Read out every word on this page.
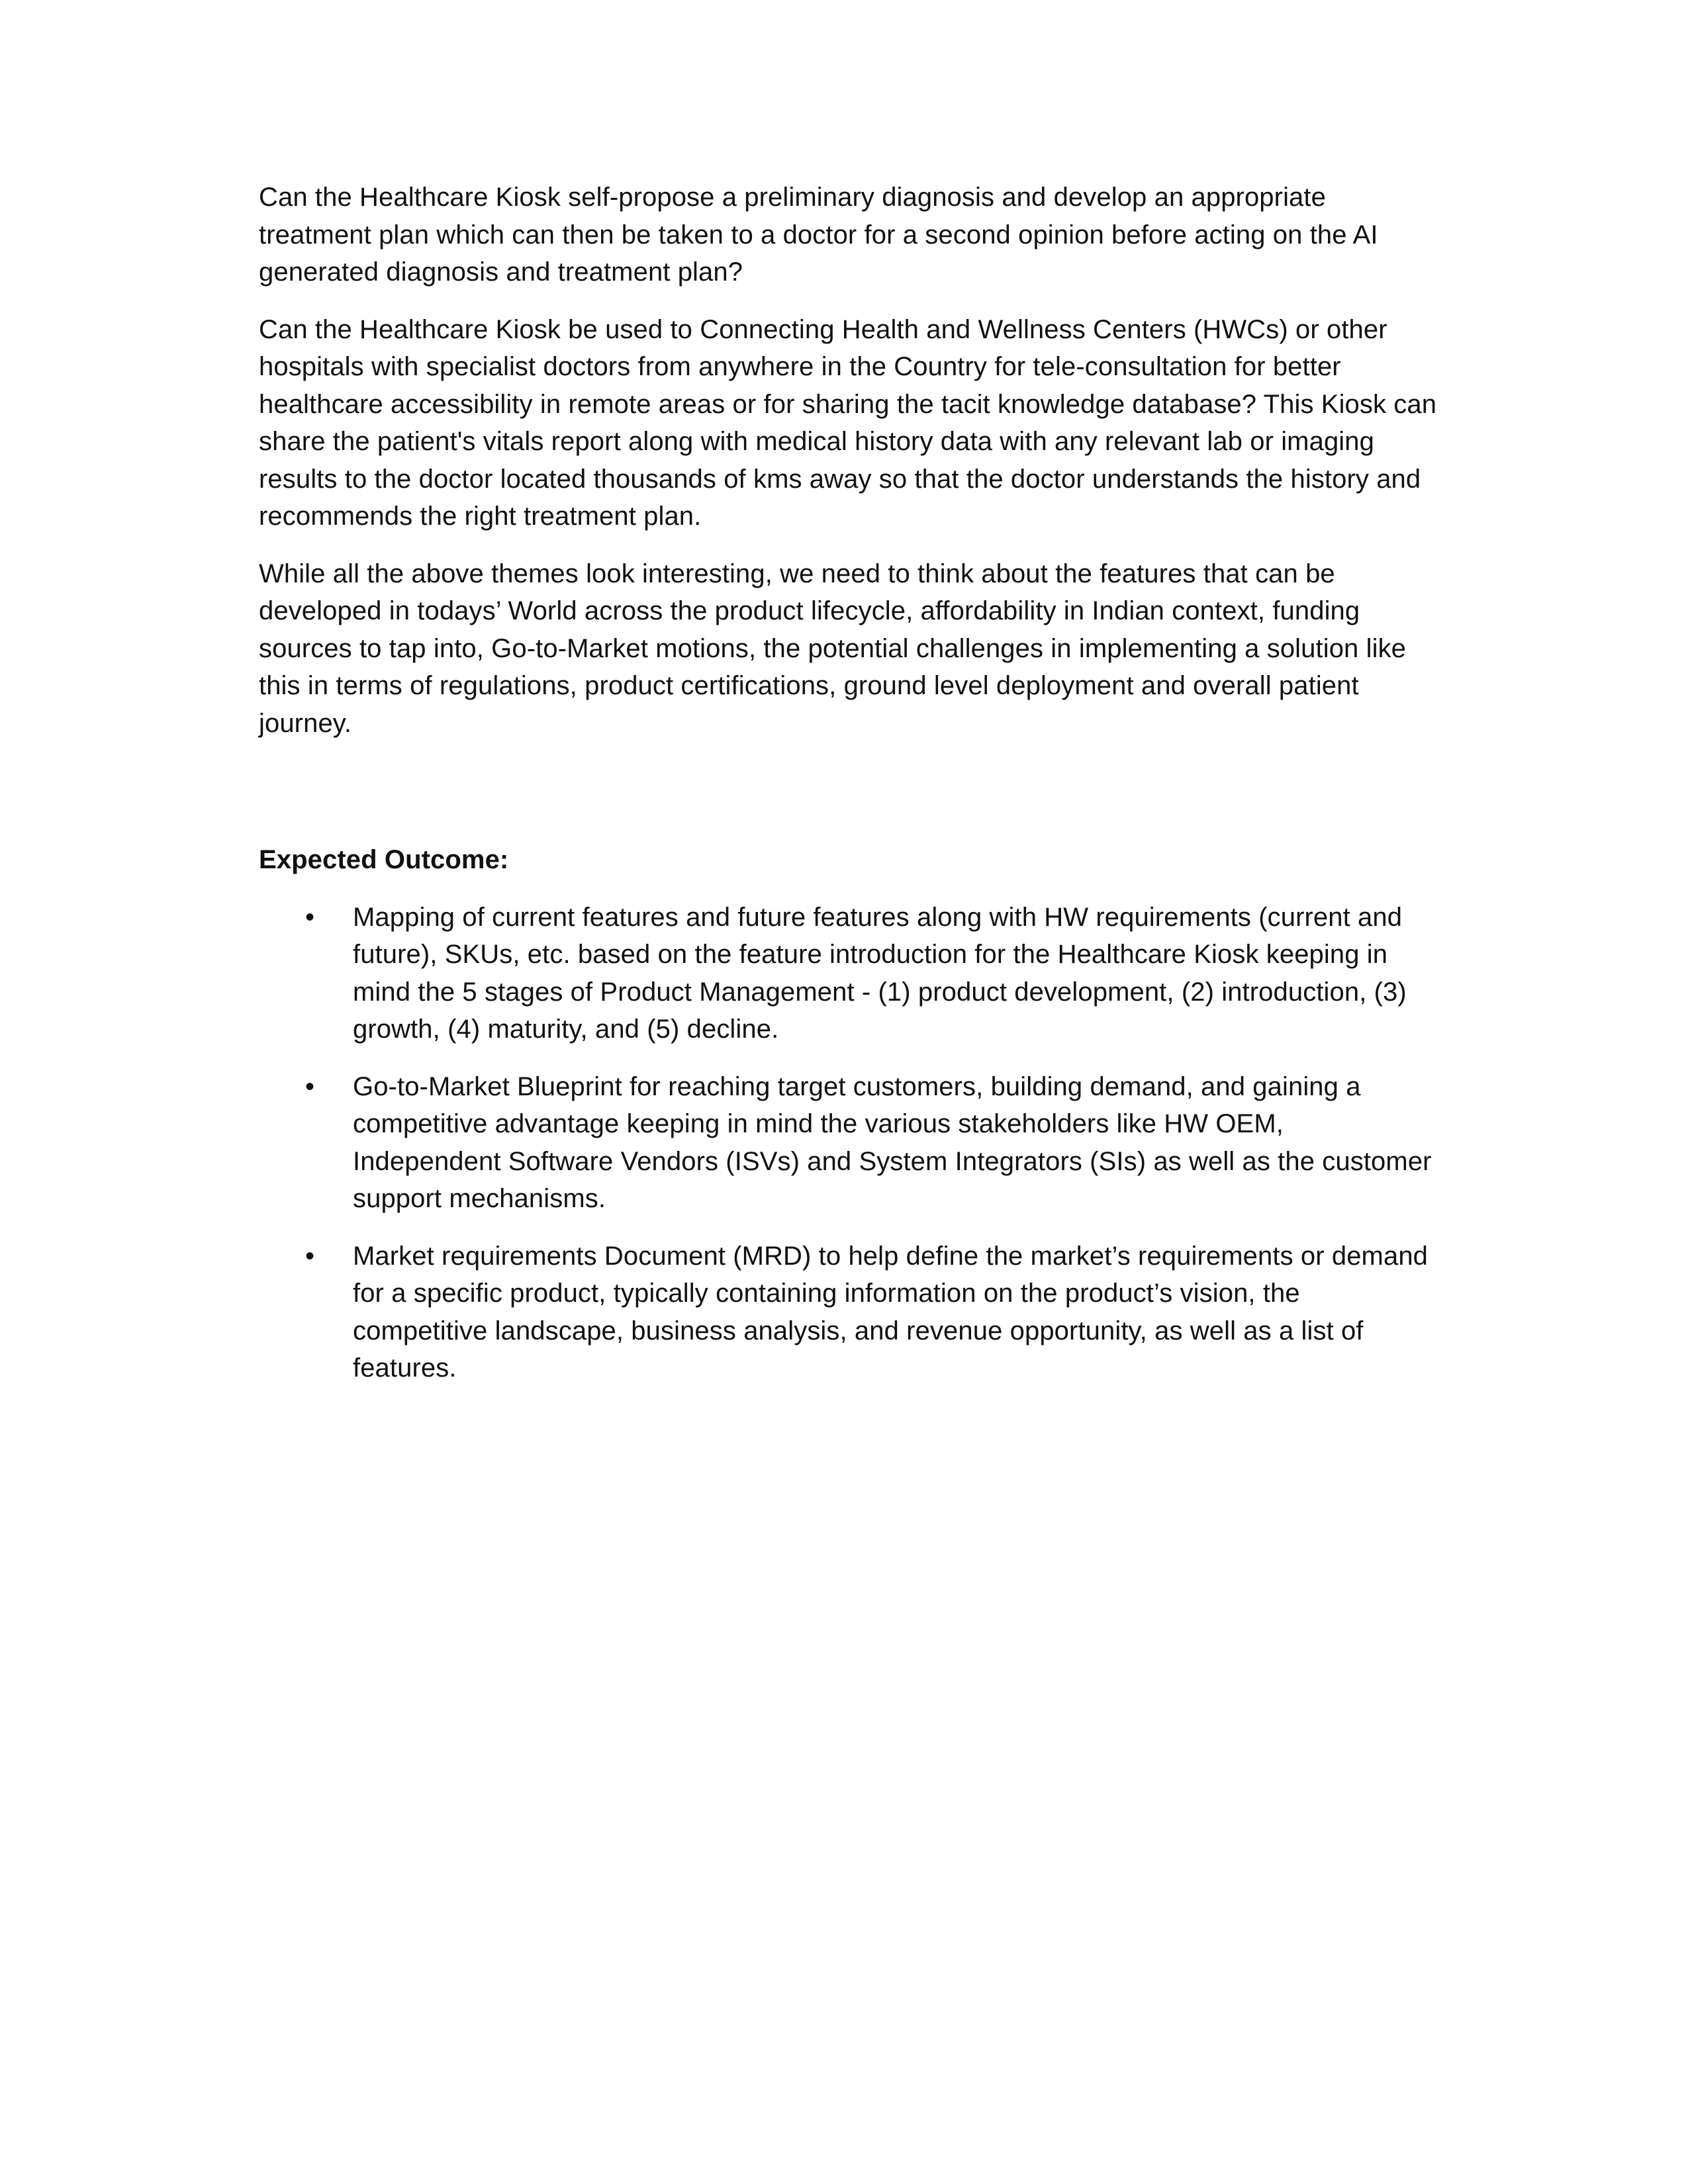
Can the Healthcare Kiosk self-propose a preliminary diagnosis and develop an appropriate treatment plan which can then be taken to a doctor for a second opinion before acting on the AI generated diagnosis and treatment plan?

Can the Healthcare Kiosk be used to Connecting Health and Wellness Centers (HWCs) or other hospitals with specialist doctors from anywhere in the Country for tele-consultation for better healthcare accessibility in remote areas or for sharing the tacit knowledge database? This Kiosk can share the patient's vitals report along with medical history data with any relevant lab or imaging results to the doctor located thousands of kms away so that the doctor understands the history and recommends the right treatment plan.

While all the above themes look interesting, we need to think about the features that can be developed in todays’ World across the product lifecycle, affordability in Indian context, funding sources to tap into, Go-to-Market motions, the potential challenges in implementing a solution like this in terms of regulations, product certifications, ground level deployment and overall patient journey.

Expected Outcome:

• Mapping of current features and future features along with HW requirements (current and future), SKUs, etc. based on the feature introduction for the Healthcare Kiosk keeping in mind the 5 stages of Product Management - (1) product development, (2) introduction, (3) growth, (4) maturity, and (5) decline.
• Go-to-Market Blueprint for reaching target customers, building demand, and gaining a competitive advantage keeping in mind the various stakeholders like HW OEM, Independent Software Vendors (ISVs) and System Integrators (SIs) as well as the customer support mechanisms.
• Market requirements Document (MRD) to help define the market’s requirements or demand for a specific product, typically containing information on the product’s vision, the competitive landscape, business analysis, and revenue opportunity, as well as a list of features.
